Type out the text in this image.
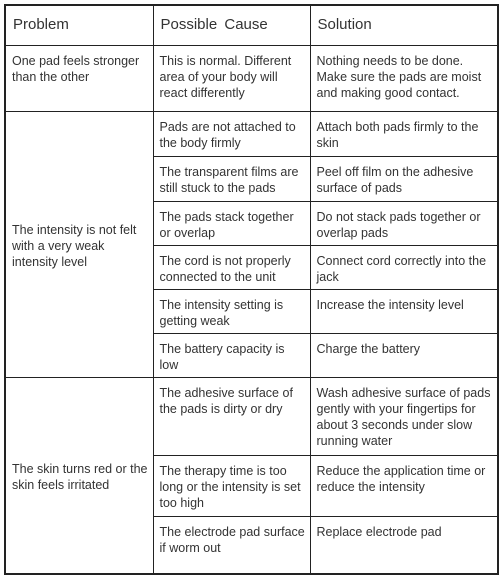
Problem	Possible Cause	Solution
One pad feels stronger than the other	This is normal. Different area of your body will react differently	Nothing needs to be done. Make sure the pads are moist and making good contact.
The intensity is not felt with a very weak intensity level	Pads are not attached to the body firmly	Attach both pads firmly to the skin
	The transparent films are still stuck to the pads	Peel off film on the adhesive surface of pads
	The pads stack together or overlap	Do not stack pads together or overlap pads
	The cord is not properly connected to the unit	Connect cord correctly into the jack
	The intensity setting is getting weak	Increase the intensity level
	The battery capacity is low	Charge the battery
The skin turns red or the skin feels irritated	The adhesive surface of the pads is dirty or dry	Wash adhesive surface of pads gently with your fingertips for about 3 seconds under slow running water
	The therapy time is too long or the intensity is set too high	Reduce the application time or reduce the intensity
	The electrode pad surface if worm out	Replace electrode pad
